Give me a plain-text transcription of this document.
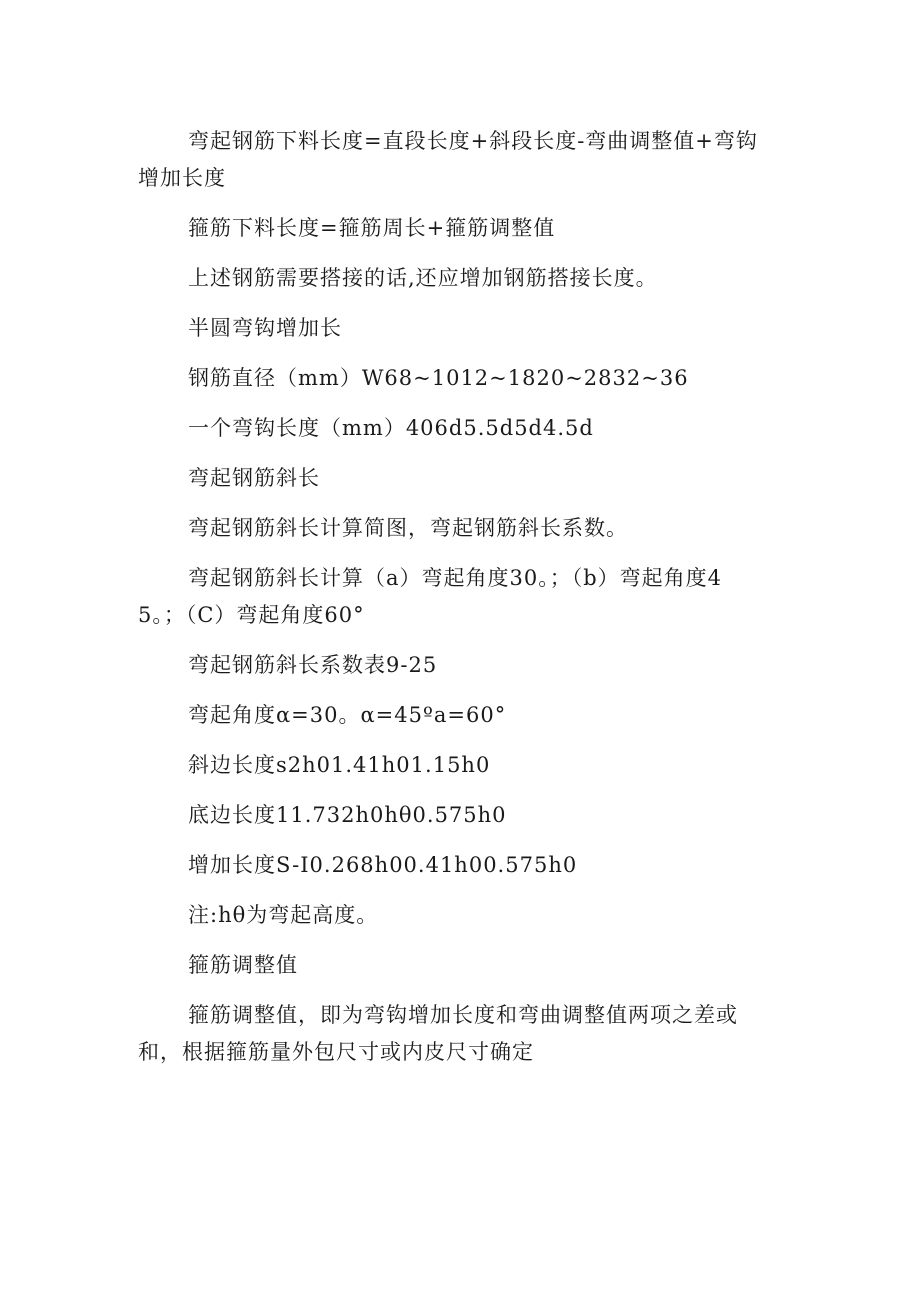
弯起钢筋下料长度=直段长度+斜段长度-弯曲调整值+弯钩增加长度

箍筋下料长度=箍筋周长+箍筋调整值

上述钢筋需要搭接的话,还应增加钢筋搭接长度。

半圆弯钩增加长

钢筋直径（mm）W68~1012~1820~2832~36

一个弯钩长度（mm）406d5.5d5d4.5d

弯起钢筋斜长

弯起钢筋斜长计算简图，弯起钢筋斜长系数。

弯起钢筋斜长计算（a）弯起角度30。；（b）弯起角度45。；（C）弯起角度60°

弯起钢筋斜长系数表9-25

弯起角度α=30。α=45ºa=60°

斜边长度s2h01.41h01.15h0

底边长度11.732h0hθ0.575h0

增加长度S-I0.268h00.41h00.575h0

注:hθ为弯起高度。

箍筋调整值

箍筋调整值，即为弯钩增加长度和弯曲调整值两项之差或和，根据箍筋量外包尺寸或内皮尺寸确定
